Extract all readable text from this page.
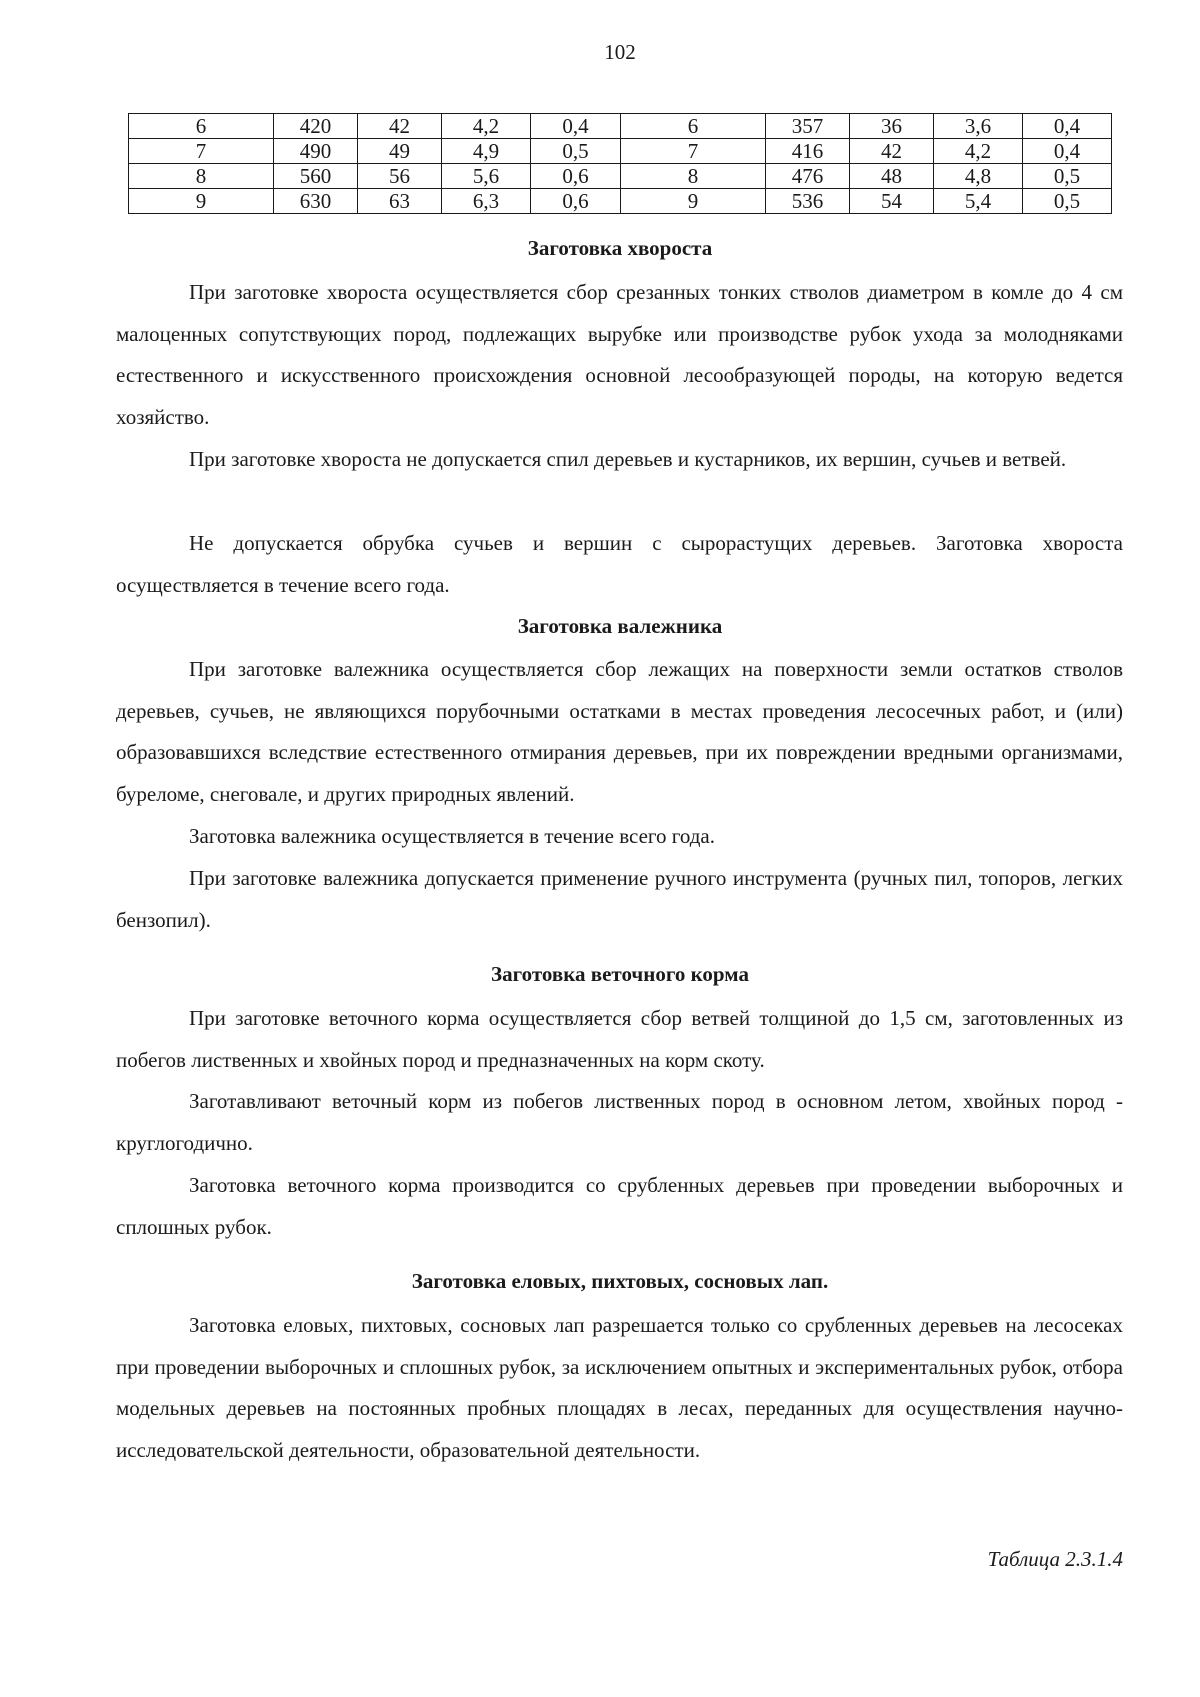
102
6	420	42	4,2	0,4	6	357	36	3,6	0,4
7	490	49	4,9	0,5	7	416	42	4,2	0,4
8	560	56	5,6	0,6	8	476	48	4,8	0,5
9	630	63	6,3	0,6	9	536	54	5,4	0,5
Заготовка хвороста

При заготовке хвороста осуществляется сбор срезанных тонких стволов диаметром в комле до 4 см малоценных сопутствующих пород, подлежащих вырубке или производстве рубок ухода за молодняками естественного и искусственного происхождения основной лесообразующей породы, на которую ведется хозяйство.

При заготовке хвороста не допускается спил деревьев и кустарников, их вершин, сучьев и ветвей.

Не допускается обрубка сучьев и вершин с сырорастущих деревьев. Заготовка хвороста осуществляется в течение всего года.

Заготовка валежника

При заготовке валежника осуществляется сбор лежащих на поверхности земли остатков стволов деревьев, сучьев, не являющихся порубочными остатками в местах проведения лесосечных работ, и (или) образовавшихся вследствие естественного отмирания деревьев, при их повреждении вредными организмами, буреломе, снеговале, и других природных явлений.

Заготовка валежника осуществляется в течение всего года.

При заготовке валежника допускается применение ручного инструмента (ручных пил, топоров, легких бензопил).

Заготовка веточного корма

При заготовке веточного корма осуществляется сбор ветвей толщиной до 1,5 см, заготовленных из побегов лиственных и хвойных пород и предназначенных на корм скоту.

Заготавливают веточный корм из побегов лиственных пород в основном летом, хвойных пород - круглогодично.

Заготовка веточного корма производится со срубленных деревьев при проведении выборочных и сплошных рубок.

Заготовка еловых, пихтовых, сосновых лап.

Заготовка еловых, пихтовых, сосновых лап разрешается только со срубленных деревьев на лесосеках при проведении выборочных и сплошных рубок, за исключением опытных и экспериментальных рубок, отбора модельных деревьев на постоянных пробных площадях в лесах, переданных для осуществления научно-исследовательской деятельности, образовательной деятельности.

Таблица 2.3.1.4
